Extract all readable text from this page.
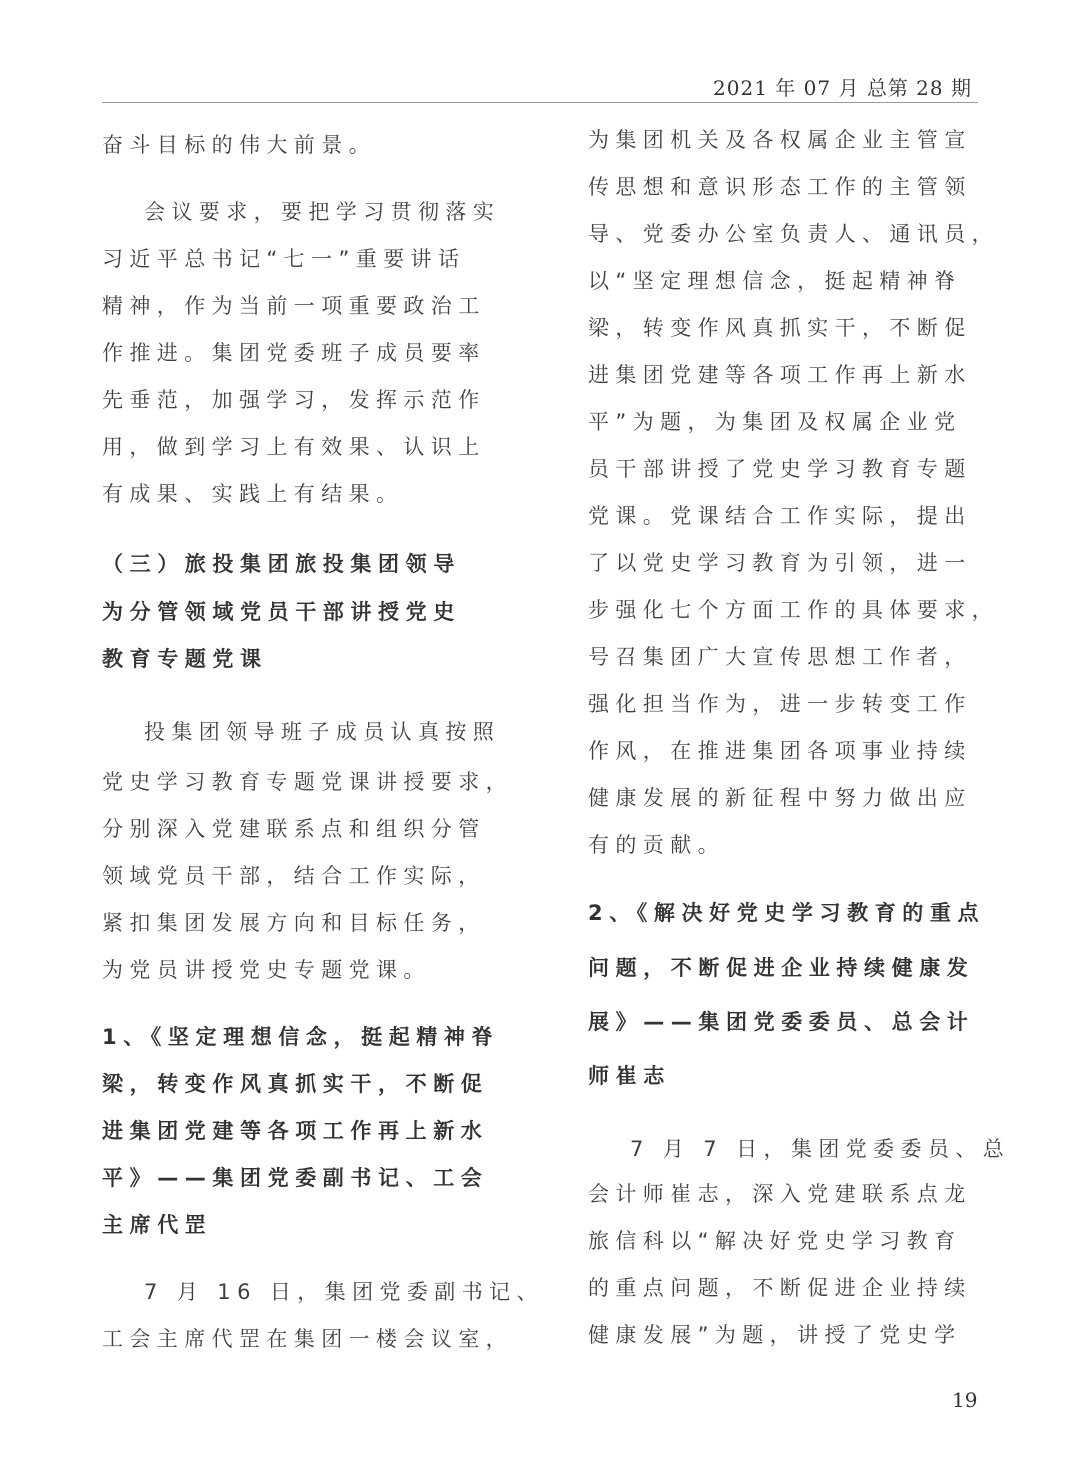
2021 年 07 月 总第 28 期
奋斗目标的伟大前景。
会议要求，要把学习贯彻落实
习近平总书记“七一”重要讲话
精神，作为当前一项重要政治工
作推进。集团党委班子成员要率
先垂范，加强学习，发挥示范作
用，做到学习上有效果、认识上
有成果、实践上有结果。
（三）旅投集团旅投集团领导
为分管领域党员干部讲授党史
教育专题党课
投集团领导班子成员认真按照
党史学习教育专题党课讲授要求，
分别深入党建联系点和组织分管
领域党员干部，结合工作实际，
紧扣集团发展方向和目标任务，
为党员讲授党史专题党课。
1、《坚定理想信念，挺起精神脊
梁，转变作风真抓实干，不断促
进集团党建等各项工作再上新水
平》——集团党委副书记、工会
主席代罡
7 月 16 日，集团党委副书记、
工会主席代罡在集团一楼会议室，
为集团机关及各权属企业主管宣
传思想和意识形态工作的主管领
导、党委办公室负责人、通讯员，
以“坚定理想信念，挺起精神脊
梁，转变作风真抓实干，不断促
进集团党建等各项工作再上新水
平”为题，为集团及权属企业党
员干部讲授了党史学习教育专题
党课。党课结合工作实际，提出
了以党史学习教育为引领，进一
步强化七个方面工作的具体要求，
号召集团广大宣传思想工作者，
强化担当作为，进一步转变工作
作风，在推进集团各项事业持续
健康发展的新征程中努力做出应
有的贡献。
2、《解决好党史学习教育的重点
问题，不断促进企业持续健康发
展》——集团党委委员、总会计
师崔志
7 月 7 日，集团党委委员、总
会计师崔志，深入党建联系点龙
旅信科以“解决好党史学习教育
的重点问题，不断促进企业持续
健康发展”为题，讲授了党史学
19
